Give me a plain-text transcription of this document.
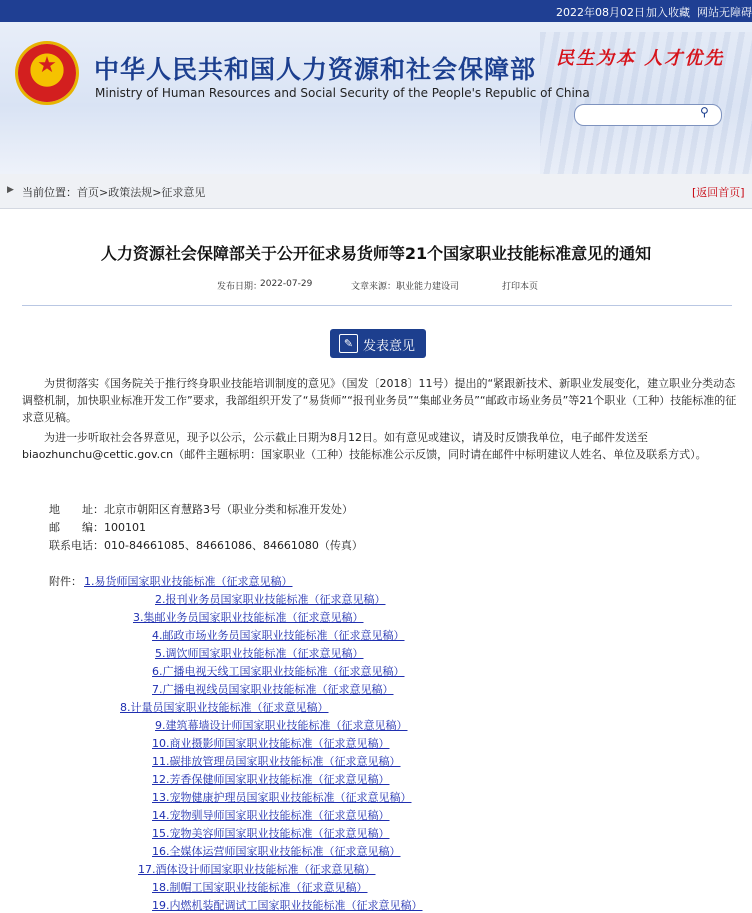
2022年08月02日 加入收藏 网站无障碍
★	中华人民共和国人力资源和社会保障部
Ministry of Human Resources and Social Security of the People's Republic of China
民生为本 人才优先
⚲
▶ 当前位置： 首页>政策法规>征求意见	[返回首页]
人力资源社会保障部关于公开征求易货师等21个国家职业技能标准意见的通知
发布日期：
2022-07-29	文章来源： 职业能力建设司	打印本页
✎ 发表意见
为贯彻落实《国务院关于推行终身职业技能培训制度的意见》（国发〔2018〕11号）提出的“紧跟新技术、新职业发展变化，建立职业分类动态调整机制，加快职业标准开发工作”要求，我部组织开发了“易货师”“报刊业务员”“集邮业务员”“邮政市场业务员”等21个职业（工种）技能标准的征求意见稿。
为进一步听取社会各界意见，现予以公示，公示截止日期为8月12日。如有意见或建议，请及时反馈我单位，电子邮件发送至biaozhunchu@cettic.gov.cn（邮件主题标明：国家职业（工种）技能标准公示反馈，同时请在邮件中标明建议人姓名、单位及联系方式）。
地　　址：北京市朝阳区育慧路3号（职业分类和标准开发处）
邮　　编：100101
联系电话：010-84661085、84661086、84661080（传真）
附件： 1.易货师国家职业技能标准（征求意见稿）
2.报刊业务员国家职业技能标准（征求意见稿）
3.集邮业务员国家职业技能标准（征求意见稿）
4.邮政市场业务员国家职业技能标准（征求意见稿）
5.调饮师国家职业技能标准（征求意见稿）
6.广播电视天线工国家职业技能标准（征求意见稿）
7.广播电视线员国家职业技能标准（征求意见稿）
8.计量员国家职业技能标准（征求意见稿）
9.建筑幕墙设计师国家职业技能标准（征求意见稿）
10.商业摄影师国家职业技能标准（征求意见稿）
11.碳排放管理员国家职业技能标准（征求意见稿）
12.芳香保健师国家职业技能标准（征求意见稿）
13.宠物健康护理员国家职业技能标准（征求意见稿）
14.宠物驯导师国家职业技能标准（征求意见稿）
15.宠物美容师国家职业技能标准（征求意见稿）
16.全媒体运营师国家职业技能标准（征求意见稿）
17.酒体设计师国家职业技能标准（征求意见稿）
18.制帽工国家职业技能标准（征求意见稿）
19.内燃机装配调试工国家职业技能标准（征求意见稿）
